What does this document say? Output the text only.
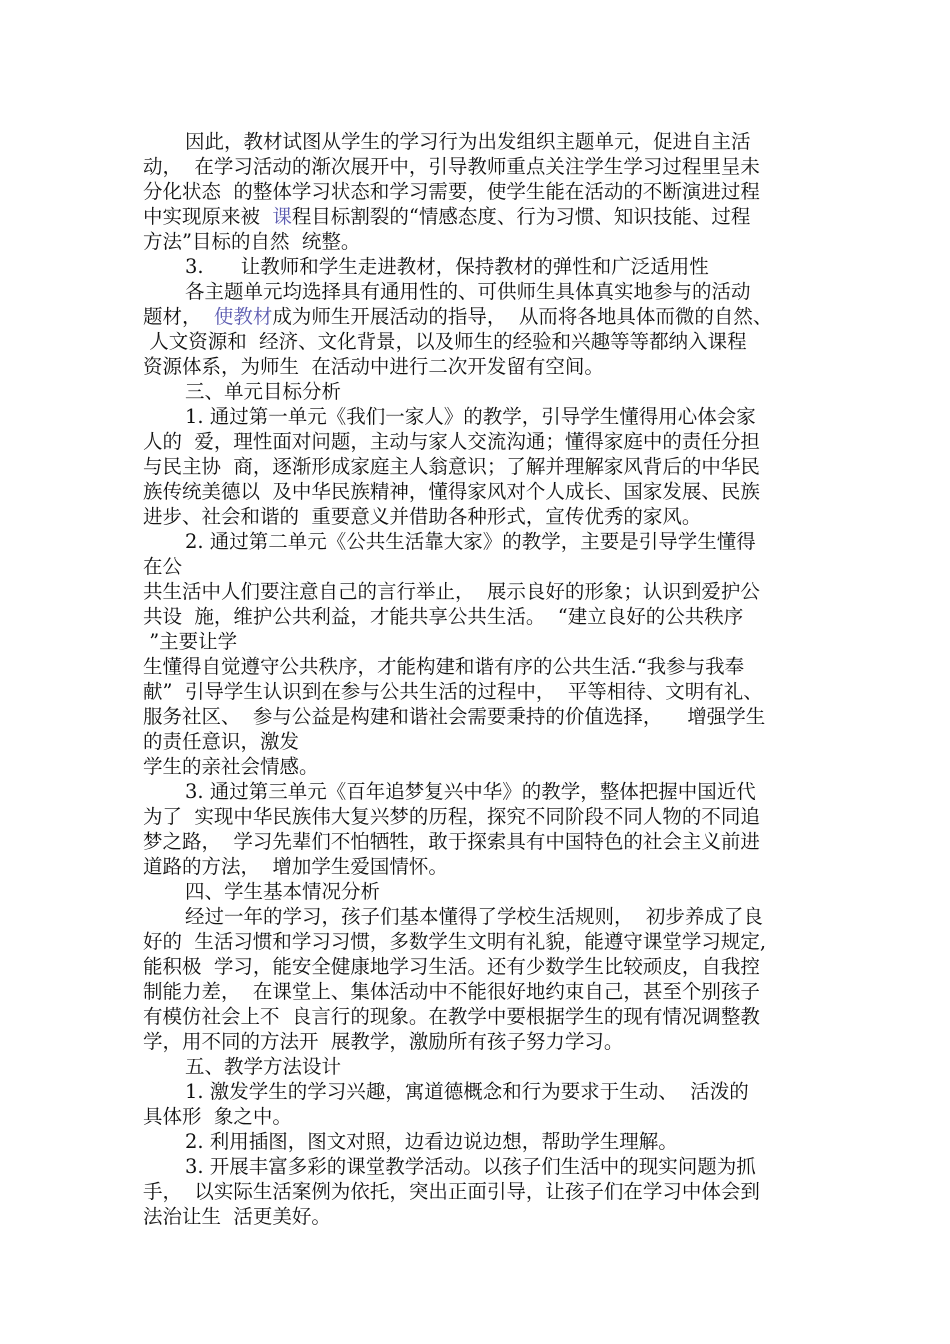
因此，教材试图从学生的学习行为出发组织主题单元，促进自主活
动，  在学习活动的渐次展开中，引导教师重点关注学生学习过程里呈未
分化状态  的整体学习状态和学习需要，使学生能在活动的不断演进过程
中实现原来被  课程目标割裂的“情感态度、行为习惯、知识技能、过程
方法”目标的自然  统整。
3.      让教师和学生走进教材，保持教材的弹性和广泛适用性
各主题单元均选择具有通用性的、可供师生具体真实地参与的活动
题材，  使教材成为师生开展活动的指导，  从而将各地具体而微的自然、
人文资源和  经济、文化背景，以及师生的经验和兴趣等等都纳入课程
资源体系，为师生  在活动中进行二次开发留有空间。
三、单元目标分析
1. 通过第一单元《我们一家人》的教学，引导学生懂得用心体会家
人的  爱，理性面对问题，主动与家人交流沟通；懂得家庭中的责任分担
与民主协  商，逐渐形成家庭主人翁意识；了解并理解家风背后的中华民
族传统美德以  及中华民族精神，懂得家风对个人成长、国家发展、民族
进步、社会和谐的  重要意义并借助各种形式，宣传优秀的家风。
2. 通过第二单元《公共生活靠大家》的教学，主要是引导学生懂得
在公
共生活中人们要注意自己的言行举止，  展示良好的形象；认识到爱护公
共设  施，维护公共利益，才能共享公共生活。  “建立良好的公共秩序
”主要让学
生懂得自觉遵守公共秩序，才能构建和谐有序的公共生活.“我参与我奉
献”  引导学生认识到在参与公共生活的过程中，  平等相待、文明有礼、
服务社区、  参与公益是构建和谐社会需要秉持的价值选择，    增强学生
的责任意识，激发
学生的亲社会情感。
3. 通过第三单元《百年追梦复兴中华》的教学，整体把握中国近代
为了  实现中华民族伟大复兴梦的历程，探究不同阶段不同人物的不同追
梦之路，  学习先辈们不怕牺牲，敢于探索具有中国特色的社会主义前进
道路的方法，  增加学生爱国情怀。
四、学生基本情况分析
经过一年的学习，孩子们基本懂得了学校生活规则，  初步养成了良
好的  生活习惯和学习习惯，多数学生文明有礼貌，能遵守课堂学习规定,
能积极  学习，能安全健康地学习生活。还有少数学生比较顽皮，自我控
制能力差，  在课堂上、集体活动中不能很好地约束自己，甚至个别孩子
有模仿社会上不  良言行的现象。在教学中要根据学生的现有情况调整教
学，用不同的方法开  展教学，激励所有孩子努力学习。
五、教学方法设计
1. 激发学生的学习兴趣，寓道德概念和行为要求于生动、  活泼的
具体形  象之中。
2. 利用插图，图文对照，边看边说边想，帮助学生理解。
3. 开展丰富多彩的课堂教学活动。以孩子们生活中的现实问题为抓
手，  以实际生活案例为依托，突出正面引导，让孩子们在学习中体会到
法治让生  活更美好。
